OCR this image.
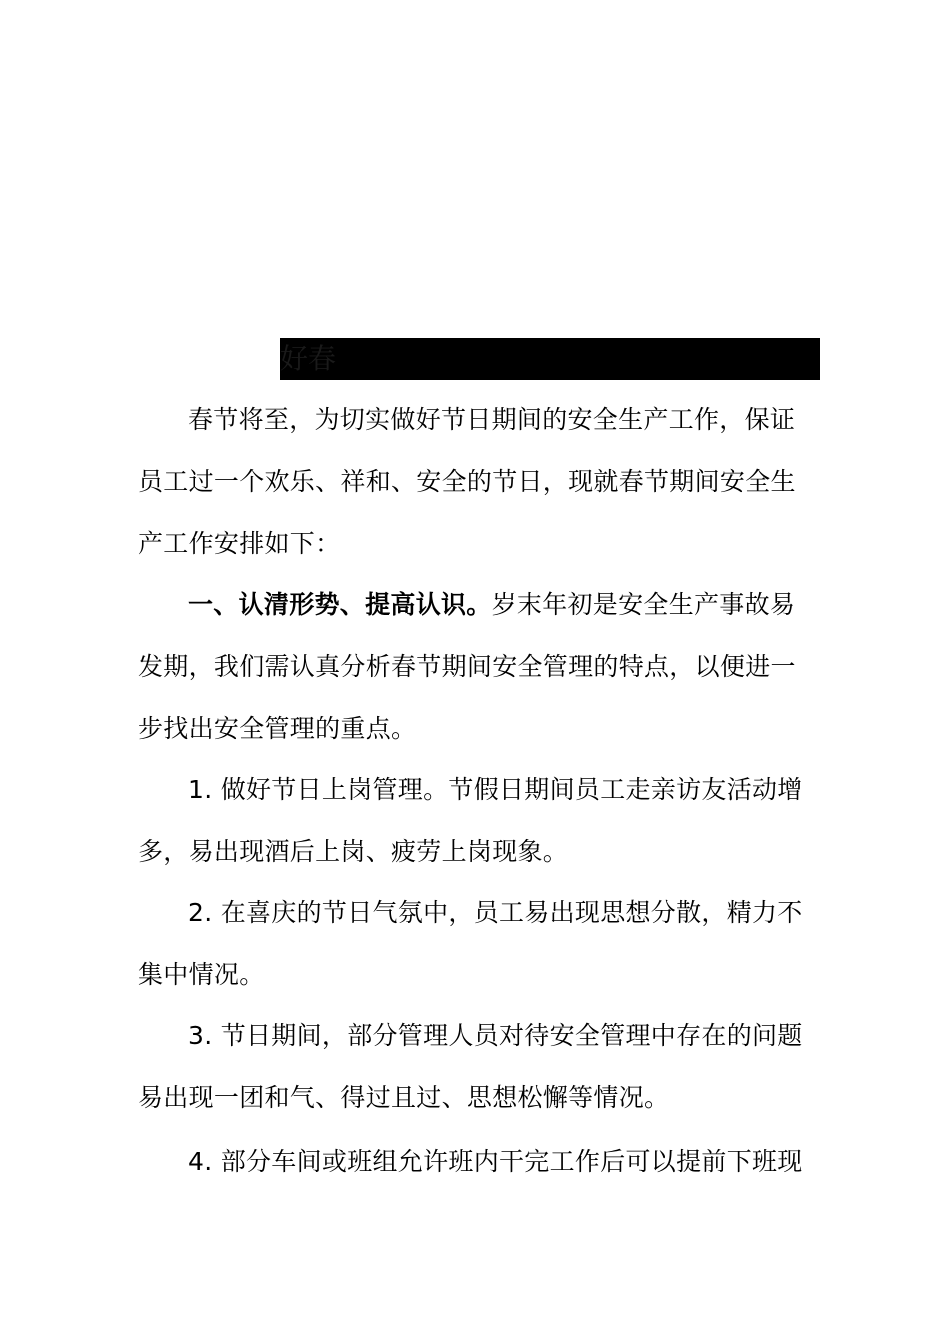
好春

春节将至，为切实做好节日期间的安全生产工作，保证员工过一个欢乐、祥和、安全的节日，现就春节期间安全生产工作安排如下：

一、认清形势、提高认识。岁末年初是安全生产事故易发期，我们需认真分析春节期间安全管理的特点，以便进一步找出安全管理的重点。

1. 做好节日上岗管理。节假日期间员工走亲访友活动增多，易出现酒后上岗、疲劳上岗现象。

2. 在喜庆的节日气氛中，员工易出现思想分散，精力不集中情况。

3. 节日期间，部分管理人员对待安全管理中存在的问题易出现一团和气、得过且过、思想松懈等情况。

4. 部分车间或班组允许班内干完工作后可以提前下班现
